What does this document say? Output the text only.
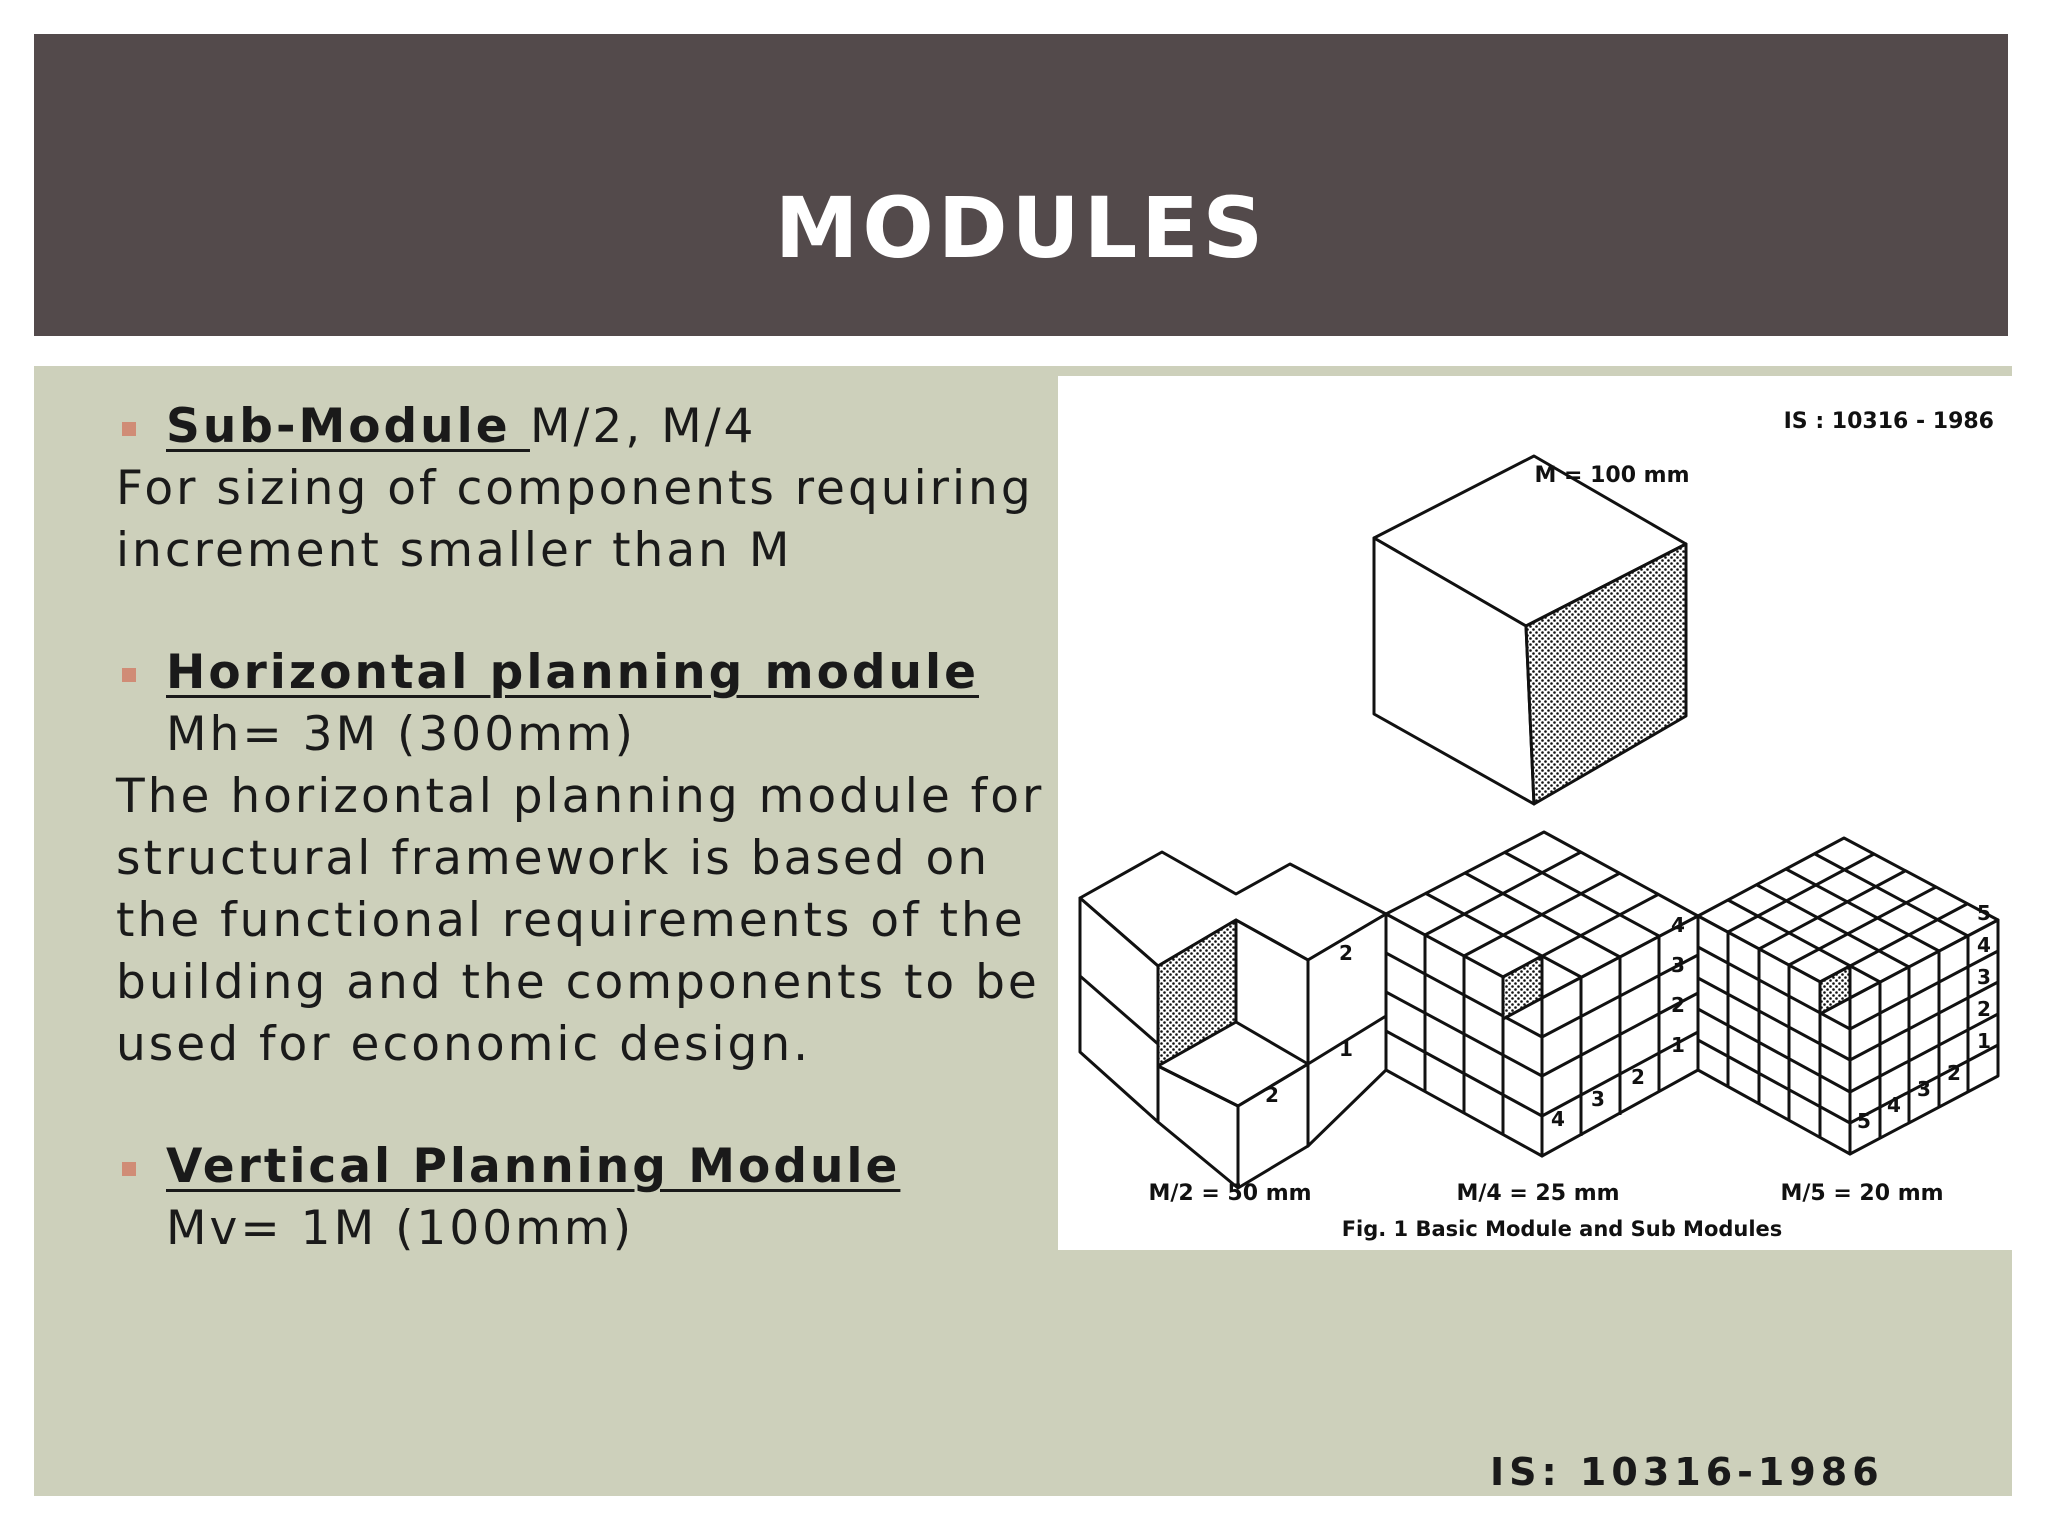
MODULES
Sub-Module M/2, M/4

For sizing of components requiring increment smaller than M

Horizontal planning module
Mh= 3M (300mm)

The horizontal planning module for structural framework is based on the functional requirements of the building and the components to be used for economic design.

Vertical Planning Module
Mv= 1M (100mm)
2
1
2
4
3
2
1
4
3
2
5
4
3
2
1
5
4
3
2
IS : 10316 - 1986
M = 100 mm
M/2 = 50 mm	M/4 = 25 mm	M/5 = 20 mm
Fig. 1 Basic Module and Sub Modules
IS: 10316-1986
